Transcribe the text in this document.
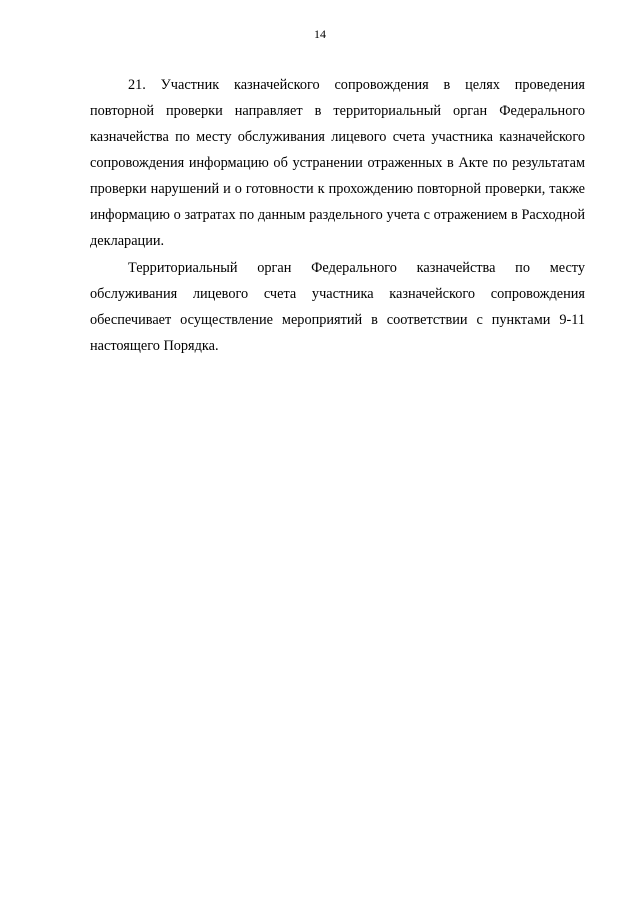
14

21. Участник казначейского сопровождения в целях проведения повторной проверки направляет в территориальный орган Федерального казначейства по месту обслуживания лицевого счета участника казначейского сопровождения информацию об устранении отраженных в Акте по результатам проверки нарушений и о готовности к прохождению повторной проверки, также информацию о затратах по данным раздельного учета с отражением в Расходной декларации.

Территориальный орган Федерального казначейства по месту обслуживания лицевого счета участника казначейского сопровождения обеспечивает осуществление мероприятий в соответствии с пунктами 9-11 настоящего Порядка.
